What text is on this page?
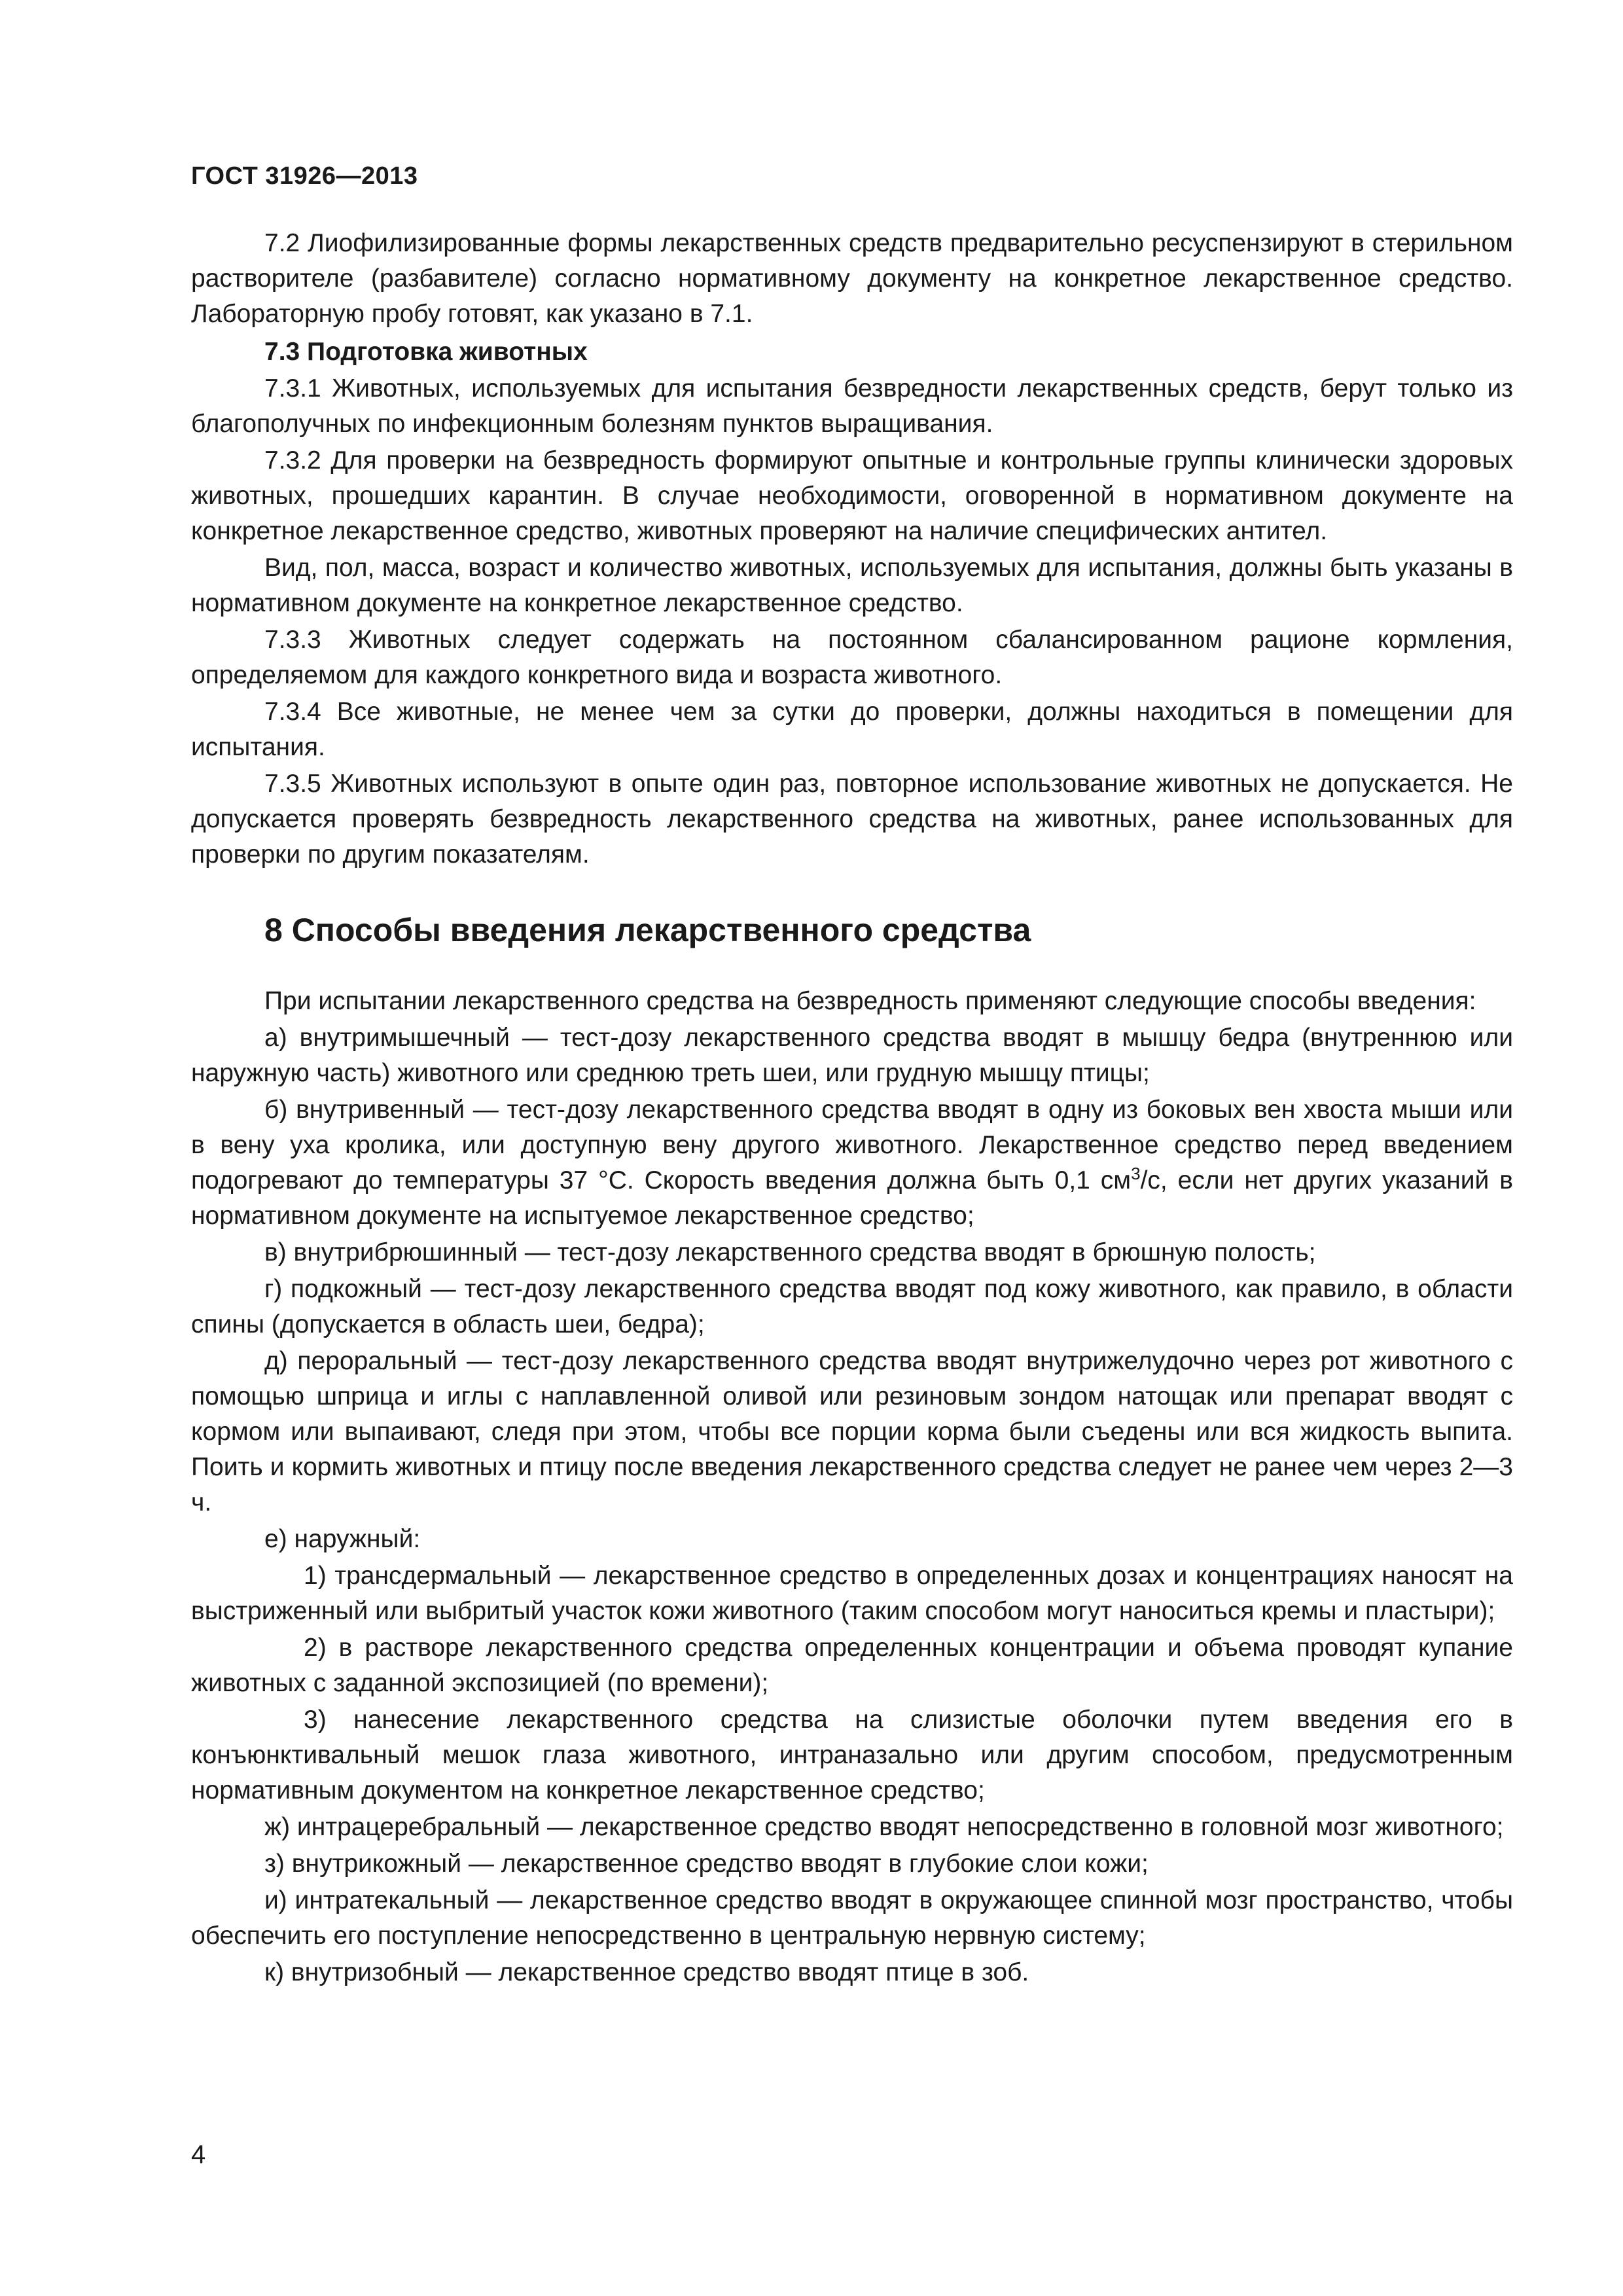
ГОСТ 31926—2013

7.2 Лиофилизированные формы лекарственных средств предварительно ресуспензируют в стерильном растворителе (разбавителе) согласно нормативному документу на конкретное лекарственное средство. Лабораторную пробу готовят, как указано в 7.1.

7.3 Подготовка животных

7.3.1 Животных, используемых для испытания безвредности лекарственных средств, берут только из благополучных по инфекционным болезням пунктов выращивания.

7.3.2 Для проверки на безвредность формируют опытные и контрольные группы клинически здоровых животных, прошедших карантин. В случае необходимости, оговоренной в нормативном документе на конкретное лекарственное средство, животных проверяют на наличие специфических антител.

Вид, пол, масса, возраст и количество животных, используемых для испытания, должны быть указаны в нормативном документе на конкретное лекарственное средство.

7.3.3 Животных следует содержать на постоянном сбалансированном рационе кормления, определяемом для каждого конкретного вида и возраста животного.

7.3.4 Все животные, не менее чем за сутки до проверки, должны находиться в помещении для испытания.

7.3.5 Животных используют в опыте один раз, повторное использование животных не допускается. Не допускается проверять безвредность лекарственного средства на животных, ранее использованных для проверки по другим показателям.

8 Способы введения лекарственного средства

При испытании лекарственного средства на безвредность применяют следующие способы введения:

а) внутримышечный — тест-дозу лекарственного средства вводят в мышцу бедра (внутреннюю или наружную часть) животного или среднюю треть шеи, или грудную мышцу птицы;

б) внутривенный — тест-дозу лекарственного средства вводят в одну из боковых вен хвоста мыши или в вену уха кролика, или доступную вену другого животного. Лекарственное средство перед введением подогревают до температуры 37 °С. Скорость введения должна быть 0,1 $см^3/с$, если нет других указаний в нормативном документе на испытуемое лекарственное средство;

в) внутрибрюшинный — тест-дозу лекарственного средства вводят в брюшную полость;

г) подкожный — тест-дозу лекарственного средства вводят под кожу животного, как правило, в области спины (допускается в область шеи, бедра);

д) пероральный — тест-дозу лекарственного средства вводят внутрижелудочно через рот животного с помощью шприца и иглы с наплавленной оливой или резиновым зондом натощак или препарат вводят с кормом или выпаивают, следя при этом, чтобы все порции корма были съедены или вся жидкость выпита. Поить и кормить животных и птицу после введения лекарственного средства следует не ранее чем через 2—3 ч.

е) наружный:

1) трансдермальный — лекарственное средство в определенных дозах и концентрациях наносят на выстриженный или выбритый участок кожи животного (таким способом могут наноситься кремы и пластыри);

2) в растворе лекарственного средства определенных концентрации и объема проводят купание животных с заданной экспозицией (по времени);

3) нанесение лекарственного средства на слизистые оболочки путем введения его в конъюнктивальный мешок глаза животного, интраназально или другим способом, предусмотренным нормативным документом на конкретное лекарственное средство;

ж) интрацеребральный — лекарственное средство вводят непосредственно в головной мозг животного;

з) внутрикожный — лекарственное средство вводят в глубокие слои кожи;

и) интратекальный — лекарственное средство вводят в окружающее спинной мозг пространство, чтобы обеспечить его поступление непосредственно в центральную нервную систему;

к) внутризобный — лекарственное средство вводят птице в зоб.

4
